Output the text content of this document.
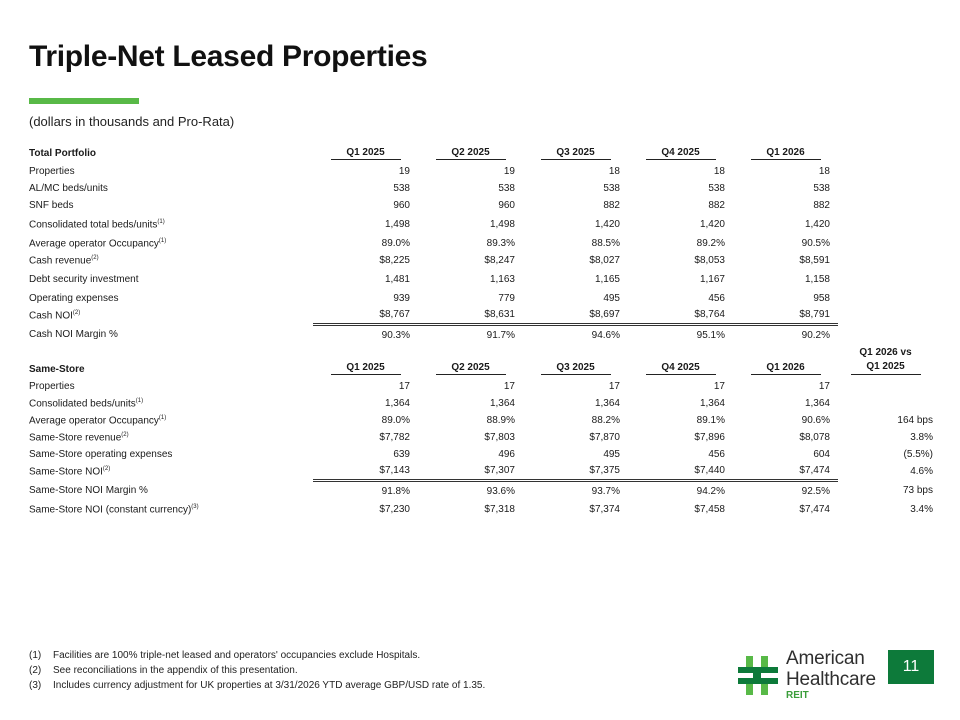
Triple-Net Leased Properties
(dollars in thousands and Pro-Rata)
Total Portfolio	Q1 2025	Q2 2025	Q3 2025	Q4 2025	Q1 2026	
Properties	19	19	18	18	18	
AL/MC beds/units	538	538	538	538	538	
SNF beds	960	960	882	882	882	
Consolidated total beds/units$^{(1)}$	1,498	1,498	1,420	1,420	1,420	
Average operator Occupancy$^{(1)}$	89.0%	89.3%	88.5%	89.2%	90.5%	
Cash revenue$^{(2)}$	$8,225	$8,247	$8,027	$8,053	$8,591	
Debt security investment	1,481	1,163	1,165	1,167	1,158	
Operating expenses	939	779	495	456	958	
Cash NOI$^{(2)}$	$8,767	$8,631	$8,697	$8,764	$8,791	
Cash NOI Margin %	90.3%	91.7%	94.6%	95.1%	90.2%	
Same-Store	Q1 2025	Q2 2025	Q3 2025	Q4 2025	Q1 2026	Q1 2026 vs
Q1 2025

Properties	17	17	17	17	17	
Consolidated beds/units$^{(1)}$	1,364	1,364	1,364	1,364	1,364	
Average operator Occupancy$^{(1)}$	89.0%	88.9%	88.2%	89.1%	90.6%	164 bps
Same-Store revenue$^{(2)}$	$7,782	$7,803	$7,870	$7,896	$8,078	3.8%
Same-Store operating expenses	639	496	495	456	604	(5.5%)
Same-Store NOI$^{(2)}$	$7,143	$7,307	$7,375	$7,440	$7,474	4.6%
Same-Store NOI Margin %	91.8%	93.6%	93.7%	94.2%	92.5%	73 bps
Same-Store NOI (constant currency)$^{(3)}$	$7,230	$7,318	$7,374	$7,458	$7,474	3.4%
(1)	Facilities are 100% triple-net leased and operators' occupancies exclude Hospitals.
(2)	See reconciliations in the appendix of this presentation.
(3)	Includes currency adjustment for UK properties at 3/31/2026 YTD average GBP/USD rate of 1.35.
American
Healthcare
REIT
11
